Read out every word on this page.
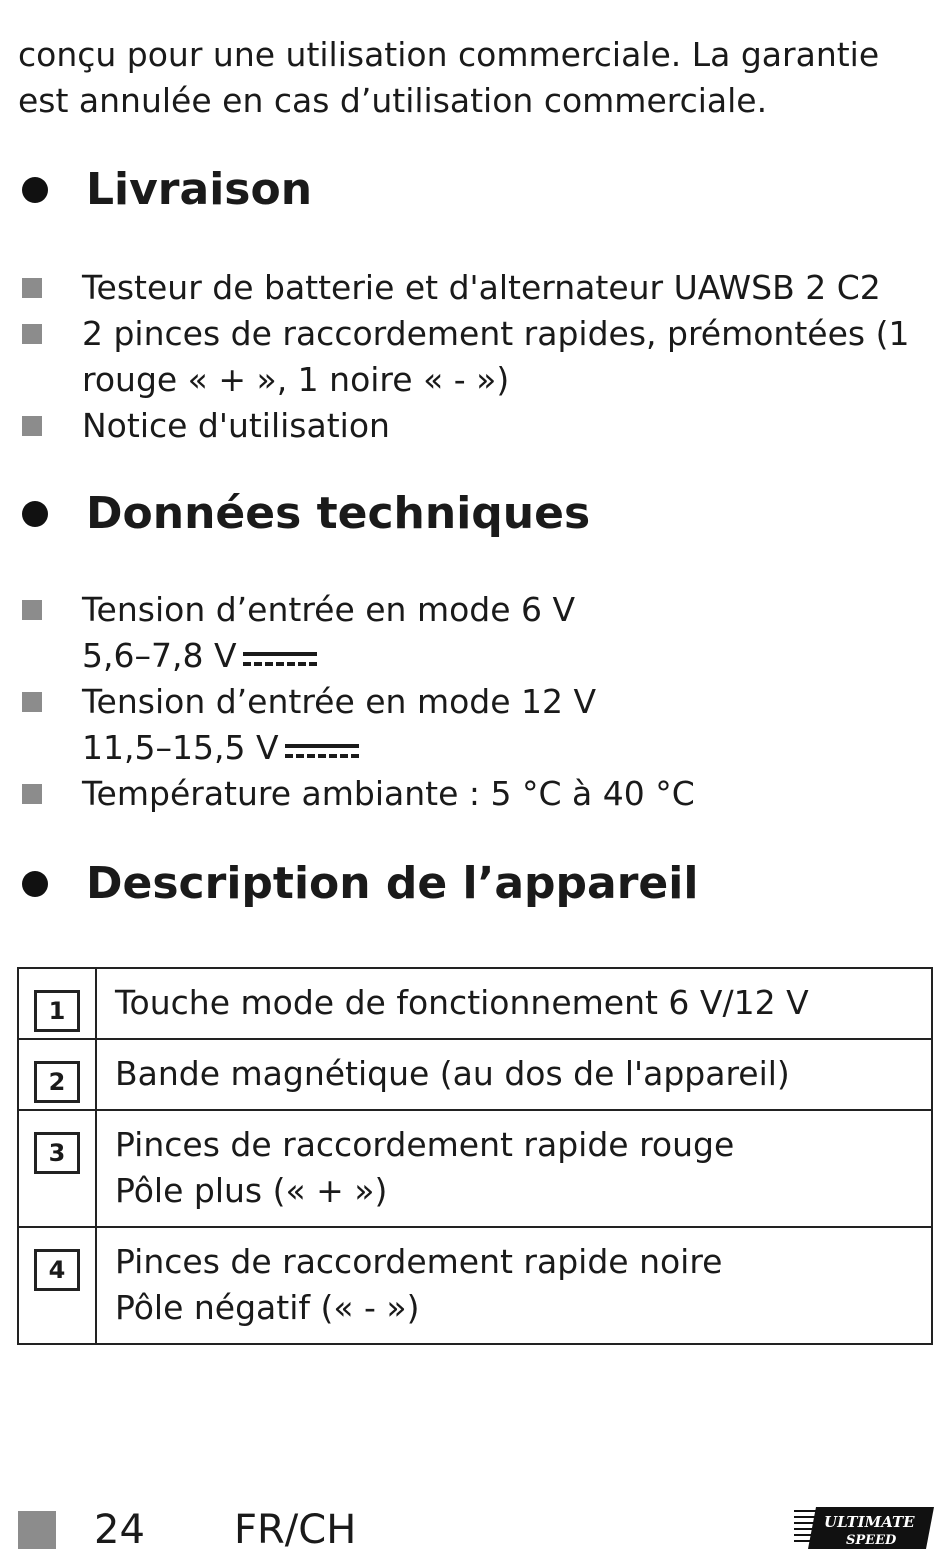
conçu pour une utilisation commerciale. La garantie est annulée en cas d’utilisation commerciale.
Livraison
Testeur de batterie et d'alternateur UAWSB 2 C2
2 pinces de raccordement rapides, prémontées (1 rouge « + », 1 noire « - »)
Notice d'utilisation
Données techniques
Tension d’entrée en mode 6 V
5,6–7,8 V
Tension d’entrée en mode 12 V
11,5–15,5 V
Température ambiante : 5 °C à 40 °C
Description de l’appareil
1	Touche mode de fonctionnement 6 V/12 V
2	Bande magnétique (au dos de l'appareil)
3	Pinces de raccordement rapide rouge
Pôle plus (« + »)
4	Pinces de raccordement rapide noire
Pôle négatif (« - »)
24 FR/CH	ULTIMATE
SPEED
